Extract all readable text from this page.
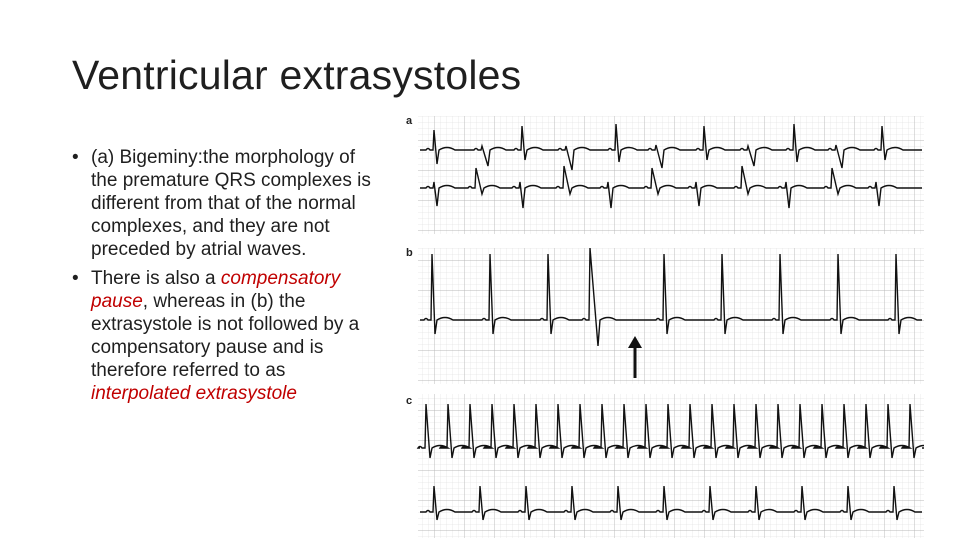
Ventricular extrasystoles
• (a) Bigeminy:the morphology of the premature QRS complexes is different from that of the normal complexes, and they are not preceded by atrial waves.
• There is also a compensatory pause, whereas in (b) the extrasystole is not followed by a compensatory pause and is therefore referred to as interpolated extrasystole
a
b
c
